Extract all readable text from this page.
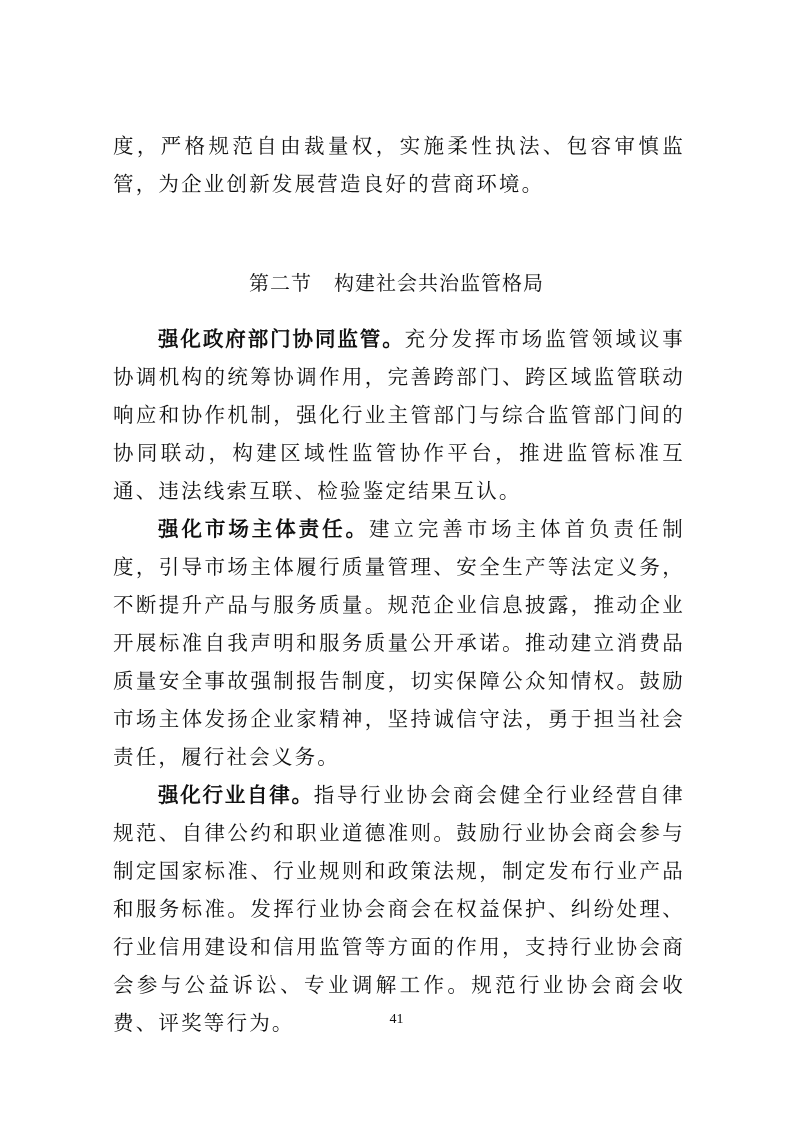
度，严格规范自由裁量权，实施柔性执法、包容审慎监管，为企业创新发展营造良好的营商环境。

第二节 构建社会共治监管格局

强化政府部门协同监管。充分发挥市场监管领域议事协调机构的统筹协调作用，完善跨部门、跨区域监管联动响应和协作机制，强化行业主管部门与综合监管部门间的协同联动，构建区域性监管协作平台，推进监管标准互通、违法线索互联、检验鉴定结果互认。

强化市场主体责任。建立完善市场主体首负责任制度，引导市场主体履行质量管理、安全生产等法定义务，不断提升产品与服务质量。规范企业信息披露，推动企业开展标准自我声明和服务质量公开承诺。推动建立消费品质量安全事故强制报告制度，切实保障公众知情权。鼓励市场主体发扬企业家精神，坚持诚信守法，勇于担当社会责任，履行社会义务。

强化行业自律。指导行业协会商会健全行业经营自律规范、自律公约和职业道德准则。鼓励行业协会商会参与制定国家标准、行业规则和政策法规，制定发布行业产品和服务标准。发挥行业协会商会在权益保护、纠纷处理、行业信用建设和信用监管等方面的作用，支持行业协会商会参与公益诉讼、专业调解工作。规范行业协会商会收费、评奖等行为。	41
